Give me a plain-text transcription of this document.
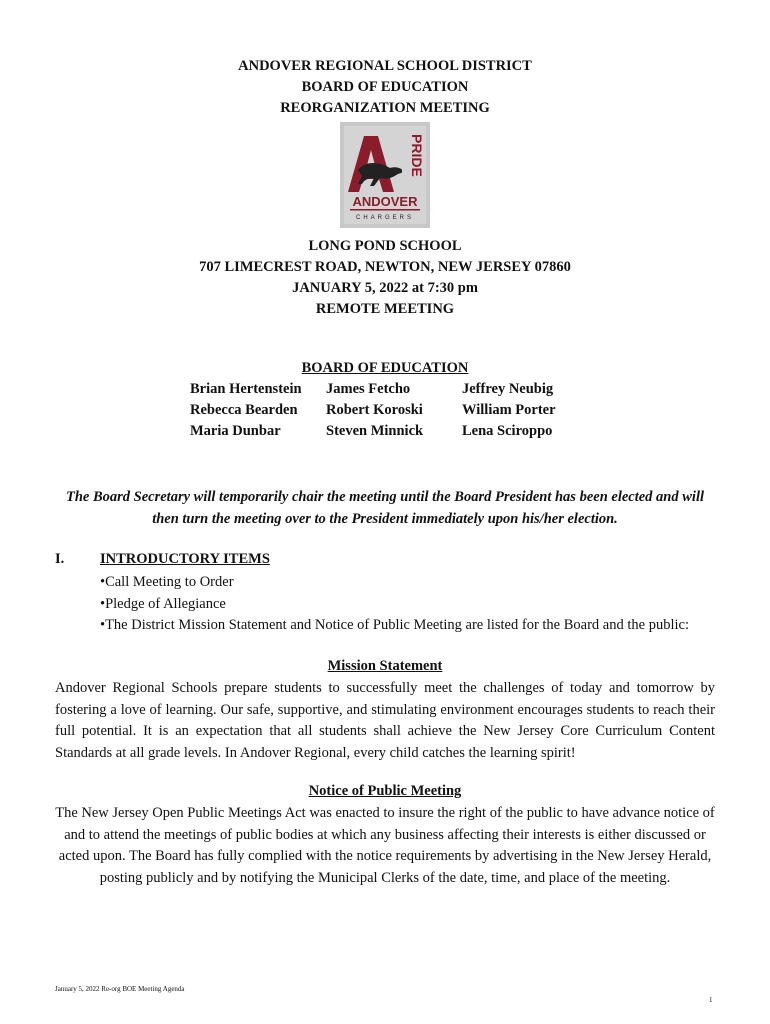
ANDOVER REGIONAL SCHOOL DISTRICT
BOARD OF EDUCATION
REORGANIZATION MEETING
PRIDE
ANDOVER
CHARGERS
LONG POND SCHOOL
707 LIMECREST ROAD, NEWTON, NEW JERSEY 07860
JANUARY 5, 2022 at 7:30 pm
REMOTE MEETING
BOARD OF EDUCATION
Brian Hertenstein	James Fetcho	Jeffrey Neubig
Rebecca Bearden	Robert Koroski	William Porter
Maria Dunbar	Steven Minnick	Lena Sciroppo
The Board Secretary will temporarily chair the meeting until the Board President has been elected and will then turn the meeting over to the President immediately upon his/her election.
I. INTRODUCTORY ITEMS
•Call Meeting to Order
•Pledge of Allegiance
•The District Mission Statement and Notice of Public Meeting are listed for the Board and the public:
Mission Statement
Andover Regional Schools prepare students to successfully meet the challenges of today and tomorrow by fostering a love of learning. Our safe, supportive, and stimulating environment encourages students to reach their full potential. It is an expectation that all students shall achieve the New Jersey Core Curriculum Content Standards at all grade levels. In Andover Regional, every child catches the learning spirit!
Notice of Public Meeting
The New Jersey Open Public Meetings Act was enacted to insure the right of the public to have advance notice of and to attend the meetings of public bodies at which any business affecting their interests is either discussed or acted upon. The Board has fully complied with the notice requirements by advertising in the New Jersey Herald, posting publicly and by notifying the Municipal Clerks of the date, time, and place of the meeting.
January 5, 2022 Re-org BOE Meeting Agenda
1
